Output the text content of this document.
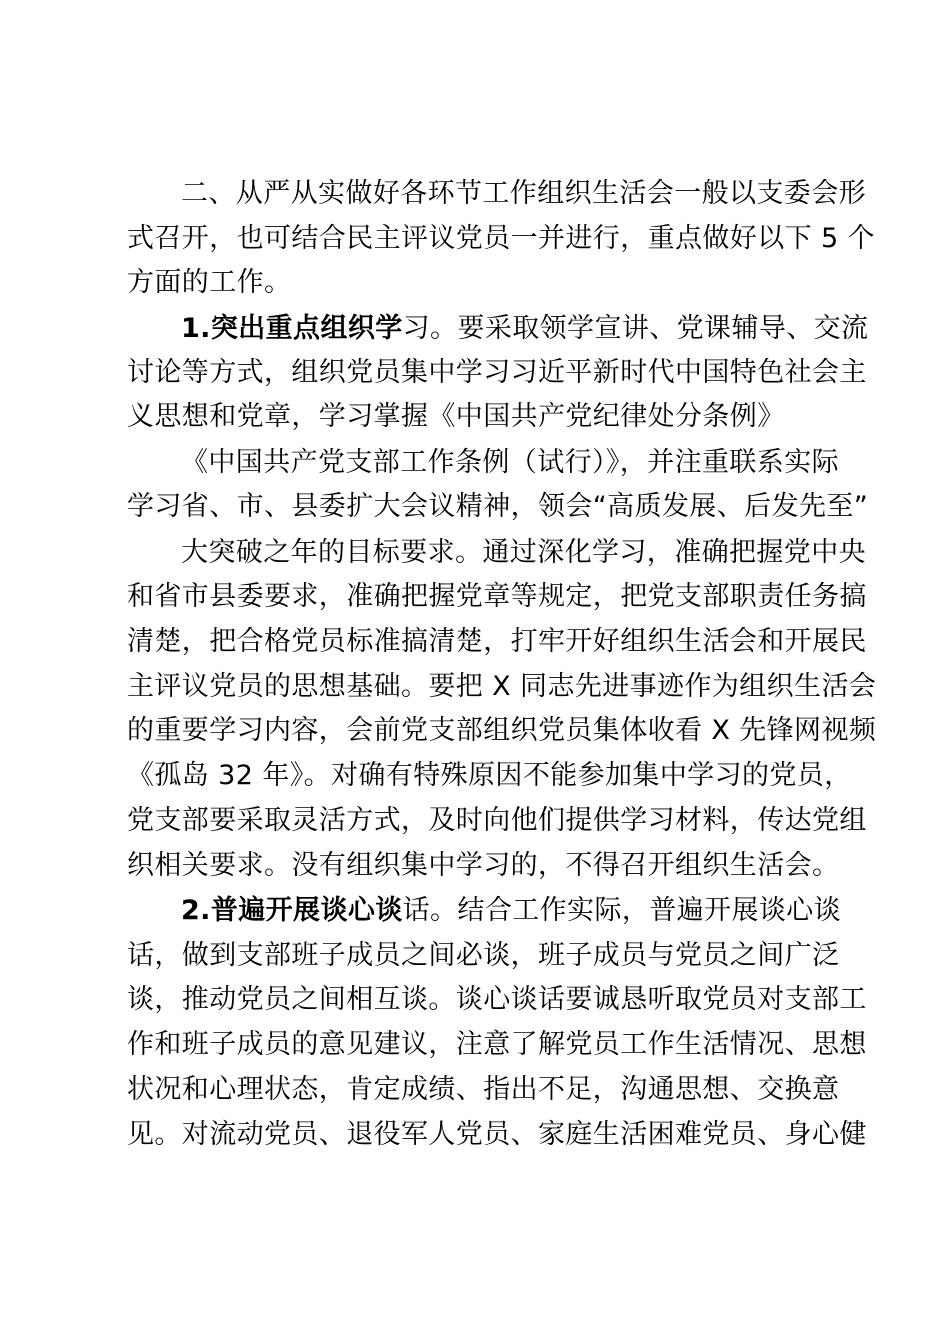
二、从严从实做好各环节工作组织生活会一般以支委会形
式召开，也可结合民主评议党员一并进行，重点做好以下 5 个
方面的工作。
1.突出重点组织学习。要采取领学宣讲、党课辅导、交流
讨论等方式，组织党员集中学习习近平新时代中国特色社会主
义思想和党章，学习掌握《中国共产党纪律处分条例》
《中国共产党支部工作条例（试行）》，并注重联系实际
学习省、市、县委扩大会议精神，领会“高质发展、后发先至”
大突破之年的目标要求。通过深化学习，准确把握党中央
和省市县委要求，准确把握党章等规定，把党支部职责任务搞
清楚，把合格党员标准搞清楚，打牢开好组织生活会和开展民
主评议党员的思想基础。要把 X 同志先进事迹作为组织生活会
的重要学习内容，会前党支部组织党员集体收看 X 先锋网视频
《孤岛 32 年》。对确有特殊原因不能参加集中学习的党员，
党支部要采取灵活方式，及时向他们提供学习材料，传达党组
织相关要求。没有组织集中学习的，不得召开组织生活会。
2.普遍开展谈心谈话。结合工作实际，普遍开展谈心谈
话，做到支部班子成员之间必谈，班子成员与党员之间广泛
谈，推动党员之间相互谈。谈心谈话要诚恳听取党员对支部工
作和班子成员的意见建议，注意了解党员工作生活情况、思想
状况和心理状态，肯定成绩、指出不足，沟通思想、交换意
见。对流动党员、退役军人党员、家庭生活困难党员、身心健
